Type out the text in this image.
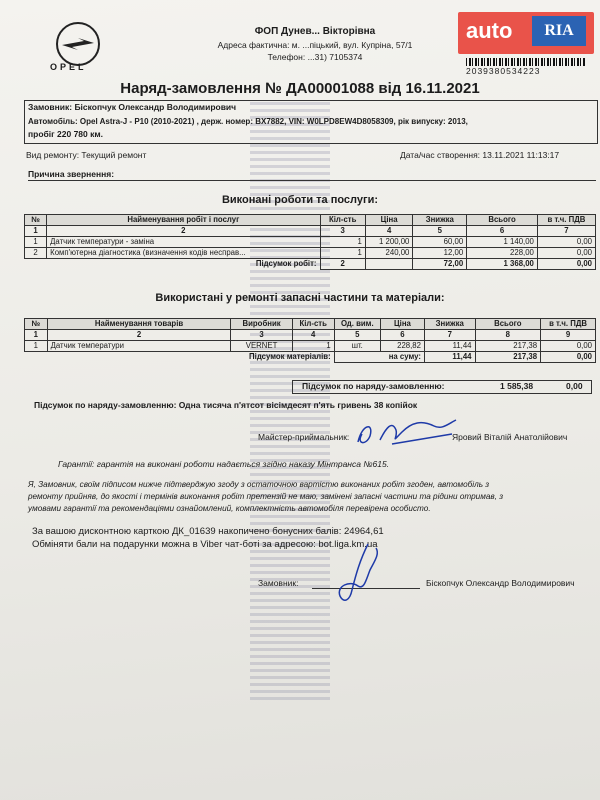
OPEL
ФОП Дунев... Вікторівна
Адреса фактична: м. ...піцький, вул. Купріна, 57/1
Телефон: ...31) 7105374
auto	RIA
2039380534223
Наряд-замовлення № ДА00001088 від 16.11.2021
Замовник: Біскопчук Олександр Володимирович
Автомобіль: Opel Astra-J - P10 (2010-2021) , держ. номер: BX7882, VIN: W0LPD8EW4D8058309, рік випуску: 2013,
пробіг 220 780 км.
Вид ремонту: Текущий ремонт	Дата/час створення: 13.11.2021 11:13:17
Причина звернення:
Виконані роботи та послуги:
№	Найменування робіт і послуг	Кіл-сть	Ціна	Знижка	Всього	в т.ч. ПДВ
1	2	3	4	5	6	7
1	Датчик температури - заміна	1	1 200,00	60,00	1 140,00	0,00
2	Комп'ютерна діагностика (визначення кодів несправ...	1	240,00	12,00	228,00	0,00
	Підсумок робіт:	2		72,00	1 368,00	0,00
Використані у ремонті запасні частини та матеріали:
№	Найменування товарів	Виробник	Кіл-сть	Од. вим.	Ціна	Знижка	Всього	в т.ч. ПДВ
1	2	3	4	5	6	7	8	9
1	Датчик температури	VERNET	1	шт.	228,82	11,44	217,38	0,00
	Підсумок матеріалів:			на суму:		11,44	217,38	0,00
Підсумок по наряду-замовленню:	1 585,38	0,00
Підсумок по наряду-замовленню: Одна тисяча п'ятсот вісімдесят п'ять гривень 38 копійок
Майстер-приймальник:	Яровий Віталій Анатолійович
Гарантії: гарантія на виконані роботи надається згідно наказу Мінтранса №615.
Я, Замовник, своїм підписом нижче підтверджую згоду з остаточною вартістю виконаних робіт згоден, автомобіль з
ремонту прийняв, до якості і термінів виконання робіт претензій не маю, замінені запасні частини та рідини отримав, з
умовами гарантії та рекомендаціями ознайомлений, комплектність автомобіля перевірена особисто.
За вашою дисконтною карткою ДК_01639 накопичено бонусних балів: 24964,61
Обміняти бали на подарунки можна в Viber чат-боті за адресою: bot.liga.km.ua
Замовник:	Біскопчук Олександр Володимирович
